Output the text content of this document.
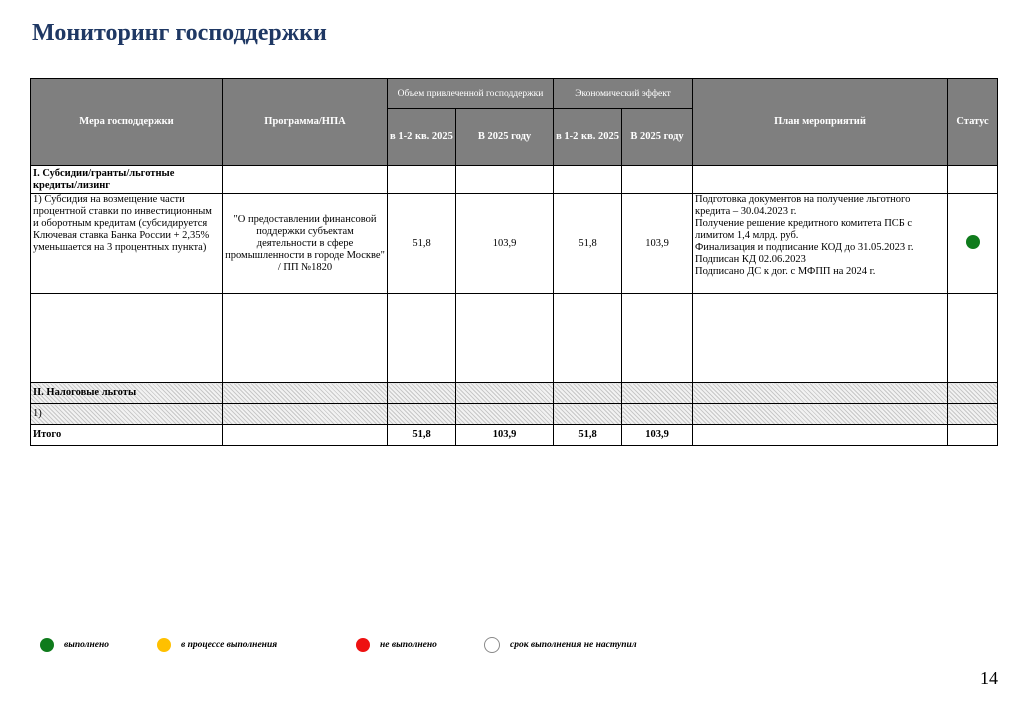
Мониторинг господдержки
Мера господдержки	Программа/НПА	Объем привлеченной господдержки		Экономический эффект		План мероприятий	Статус
		в 1-2 кв. 2025	В 2025 году	в 1-2 кв. 2025	В 2025 году		
I. Субсидии/гранты/льготные кредиты/лизинг							
1) Субсидия на возмещение части процентной ставки по инвестиционным и оборотным кредитам (субсидируется Ключевая ставка Банка России + 2,35% уменьшается на 3 процентных пункта)	"О предоставлении финансовой поддержки субъектам деятельности в сфере промышленности в городе Москве" / ПП №1820	51,8	103,9	51,8	103,9	Подготовка документов на получение льготного кредита – 30.04.2023 г.
Получение решение кредитного комитета ПСБ с лимитом 1,4 млрд. руб.
Финализация и подписание КОД до 31.05.2023 г.
Подписан КД 02.06.2023
Подписано ДС к дог. с МФПП на 2024 г.	

II. Налоговые льготы							
1)							
Итого		51,8	103,9	51,8	103,9		
выполнено	в процессе выполнения	не выполнено	срок выполнения не наступил
14
